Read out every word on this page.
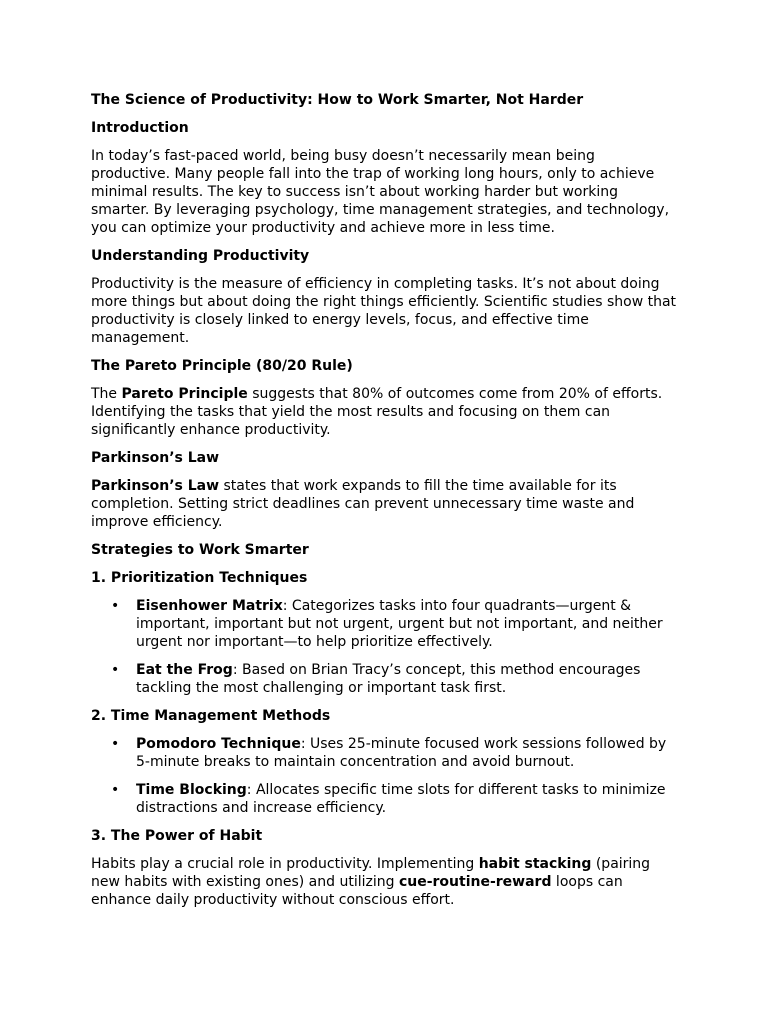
The Science of Productivity: How to Work Smarter, Not Harder
Introduction

In today’s fast-paced world, being busy doesn’t necessarily mean being productive. Many people fall into the trap of working long hours, only to achieve minimal results. The key to success isn’t about working harder but working smarter. By leveraging psychology, time management strategies, and technology, you can optimize your productivity and achieve more in less time.

Understanding Productivity

Productivity is the measure of efficiency in completing tasks. It’s not about doing more things but about doing the right things efficiently. Scientific studies show that productivity is closely linked to energy levels, focus, and effective time management.

The Pareto Principle (80/20 Rule)

The Pareto Principle suggests that 80% of outcomes come from 20% of efforts. Identifying the tasks that yield the most results and focusing on them can significantly enhance productivity.

Parkinson’s Law

Parkinson’s Law states that work expands to fill the time available for its completion. Setting strict deadlines can prevent unnecessary time waste and improve efficiency.

Strategies to Work Smarter
1. Prioritization Techniques
• Eisenhower Matrix: Categorizes tasks into four quadrants—urgent & important, important but not urgent, urgent but not important, and neither urgent nor important—to help prioritize effectively.
• Eat the Frog: Based on Brian Tracy’s concept, this method encourages tackling the most challenging or important task first.
2. Time Management Methods
• Pomodoro Technique: Uses 25-minute focused work sessions followed by 5-minute breaks to maintain concentration and avoid burnout.
• Time Blocking: Allocates specific time slots for different tasks to minimize distractions and increase efficiency.
3. The Power of Habit

Habits play a crucial role in productivity. Implementing habit stacking (pairing new habits with existing ones) and utilizing cue-routine-reward loops can enhance daily productivity without conscious effort.
